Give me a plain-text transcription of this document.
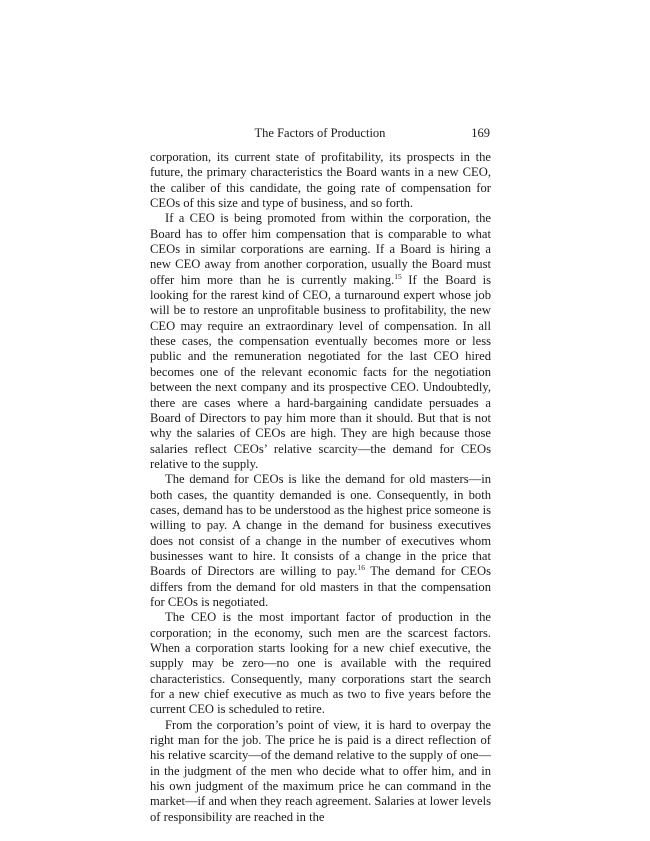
The Factors of Production	169

corporation, its current state of profitability, its prospects in the future, the primary characteristics the Board wants in a new CEO, the caliber of this candidate, the going rate of compensation for CEOs of this size and type of business, and so forth.

If a CEO is being promoted from within the corporation, the Board has to offer him compensation that is comparable to what CEOs in similar corporations are earning. If a Board is hiring a new CEO away from another corporation, usually the Board must offer him more than he is currently making.$^{15}$ If the Board is looking for the rarest kind of CEO, a turnaround expert whose job will be to restore an unprofitable business to profitability, the new CEO may require an extraordinary level of compensation. In all these cases, the compensation eventually becomes more or less public and the remuneration negotiated for the last CEO hired becomes one of the relevant economic facts for the negotiation between the next company and its prospective CEO. Undoubtedly, there are cases where a hard-bargaining candidate persuades a Board of Directors to pay him more than it should. But that is not why the salaries of CEOs are high. They are high because those salaries reflect CEOs’ relative scarcity—the demand for CEOs relative to the supply.

The demand for CEOs is like the demand for old masters—in both cases, the quantity demanded is one. Consequently, in both cases, demand has to be understood as the highest price someone is willing to pay. A change in the demand for business executives does not consist of a change in the number of executives whom businesses want to hire. It consists of a change in the price that Boards of Directors are willing to pay.$^{16}$ The demand for CEOs differs from the demand for old masters in that the compensation for CEOs is negotiated.

The CEO is the most important factor of production in the corporation; in the economy, such men are the scarcest factors. When a corporation starts looking for a new chief executive, the supply may be zero—no one is available with the required characteristics. Consequently, many corporations start the search for a new chief executive as much as two to five years before the current CEO is scheduled to retire.

From the corporation’s point of view, it is hard to overpay the right man for the job. The price he is paid is a direct reflection of his relative scarcity—of the demand relative to the supply of one—in the judgment of the men who decide what to offer him, and in his own judgment of the maximum price he can command in the market—if and when they reach agreement. Salaries at lower levels of responsibility are reached in the
